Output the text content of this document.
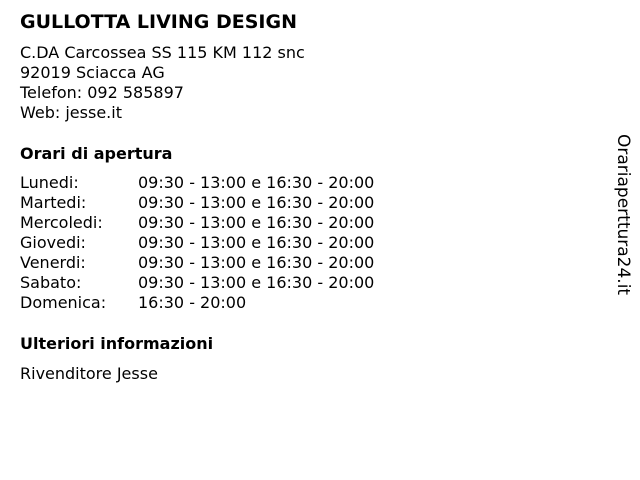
GULLOTTA LIVING DESIGN
C.DA Carcossea SS 115 KM 112 snc
92019 Sciacca AG
Telefon: 092 585897
Web: jesse.it
Orari di apertura
Lunedi:	09:30 - 13:00 e 16:30 - 20:00
Martedi:	09:30 - 13:00 e 16:30 - 20:00
Mercoledi: 09:30 - 13:00 e 16:30 - 20:00
Giovedi:	09:30 - 13:00 e 16:30 - 20:00
Venerdi:	09:30 - 13:00 e 16:30 - 20:00
Sabato:	09:30 - 13:00 e 16:30 - 20:00
Domenica: 16:30 - 20:00
Ulteriori informazioni
Rivenditore Jesse
Orariaperttura24.it
